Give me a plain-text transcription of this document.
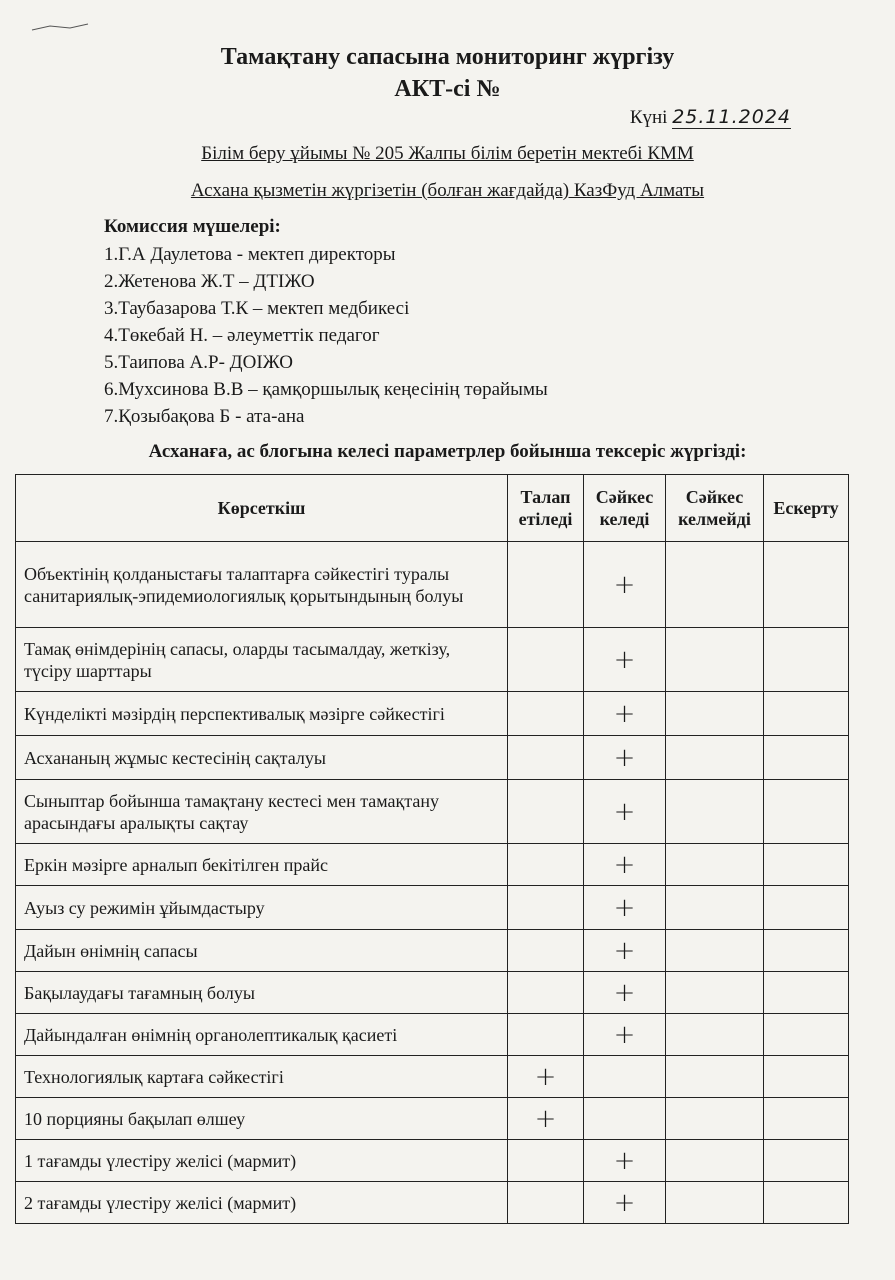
Тамақтану сапасына мониторинг жүргізу
АКТ-сі №
Күні 25.11.2024
Білім беру ұйымы № 205 Жалпы білім беретін мектебі КММ
Асхана қызметін жүргізетін (болған жағдайда) КазФуд Алматы
Комиссия мүшелері:
1.Г.А Даулетова - мектеп директоры
2.Жетенова Ж.Т – ДТІЖО
3.Таубазарова Т.К – мектеп медбикесі
4.Төкебай Н. – әлеуметтік педагог
5.Таипова А.Р- ДОІЖО
6.Мухсинова В.В – қамқоршылық кеңесінің төрайымы
7.Қозыбақова Б - ата-ана
Асханаға, ас блогына келесі параметрлер бойынша тексеріс жүргізді:
Көрсеткіш	Талап етіледі	Сәйкес келеді	Сәйкес келмейді	Ескерту
Объектінің қолданыстағы талаптарға сәйкестігі туралы санитариялық-эпидемиологиялық қорытындының болуы		+		
Тамақ өнімдерінің сапасы, оларды тасымалдау, жеткізу, түсіру шарттары		+		
Күнделікті мәзірдің перспективалық мәзірге сәйкестігі		+		
Асхананың жұмыс кестесінің сақталуы		+		
Сыныптар бойынша тамақтану кестесі мен тамақтану арасындағы аралықты сақтау		+		
Еркін мәзірге арналып бекітілген прайс		+		
Ауыз су режимін ұйымдастыру		+		
Дайын өнімнің сапасы		+		
Бақылаудағы тағамның болуы		+		
Дайындалған өнімнің органолептикалық қасиеті		+		
Технологиялық картаға сәйкестігі	+			
10 порцияны бақылап өлшеу	+			
1 тағамды үлестіру желісі (мармит)		+		
2 тағамды үлестіру желісі (мармит)		+		
